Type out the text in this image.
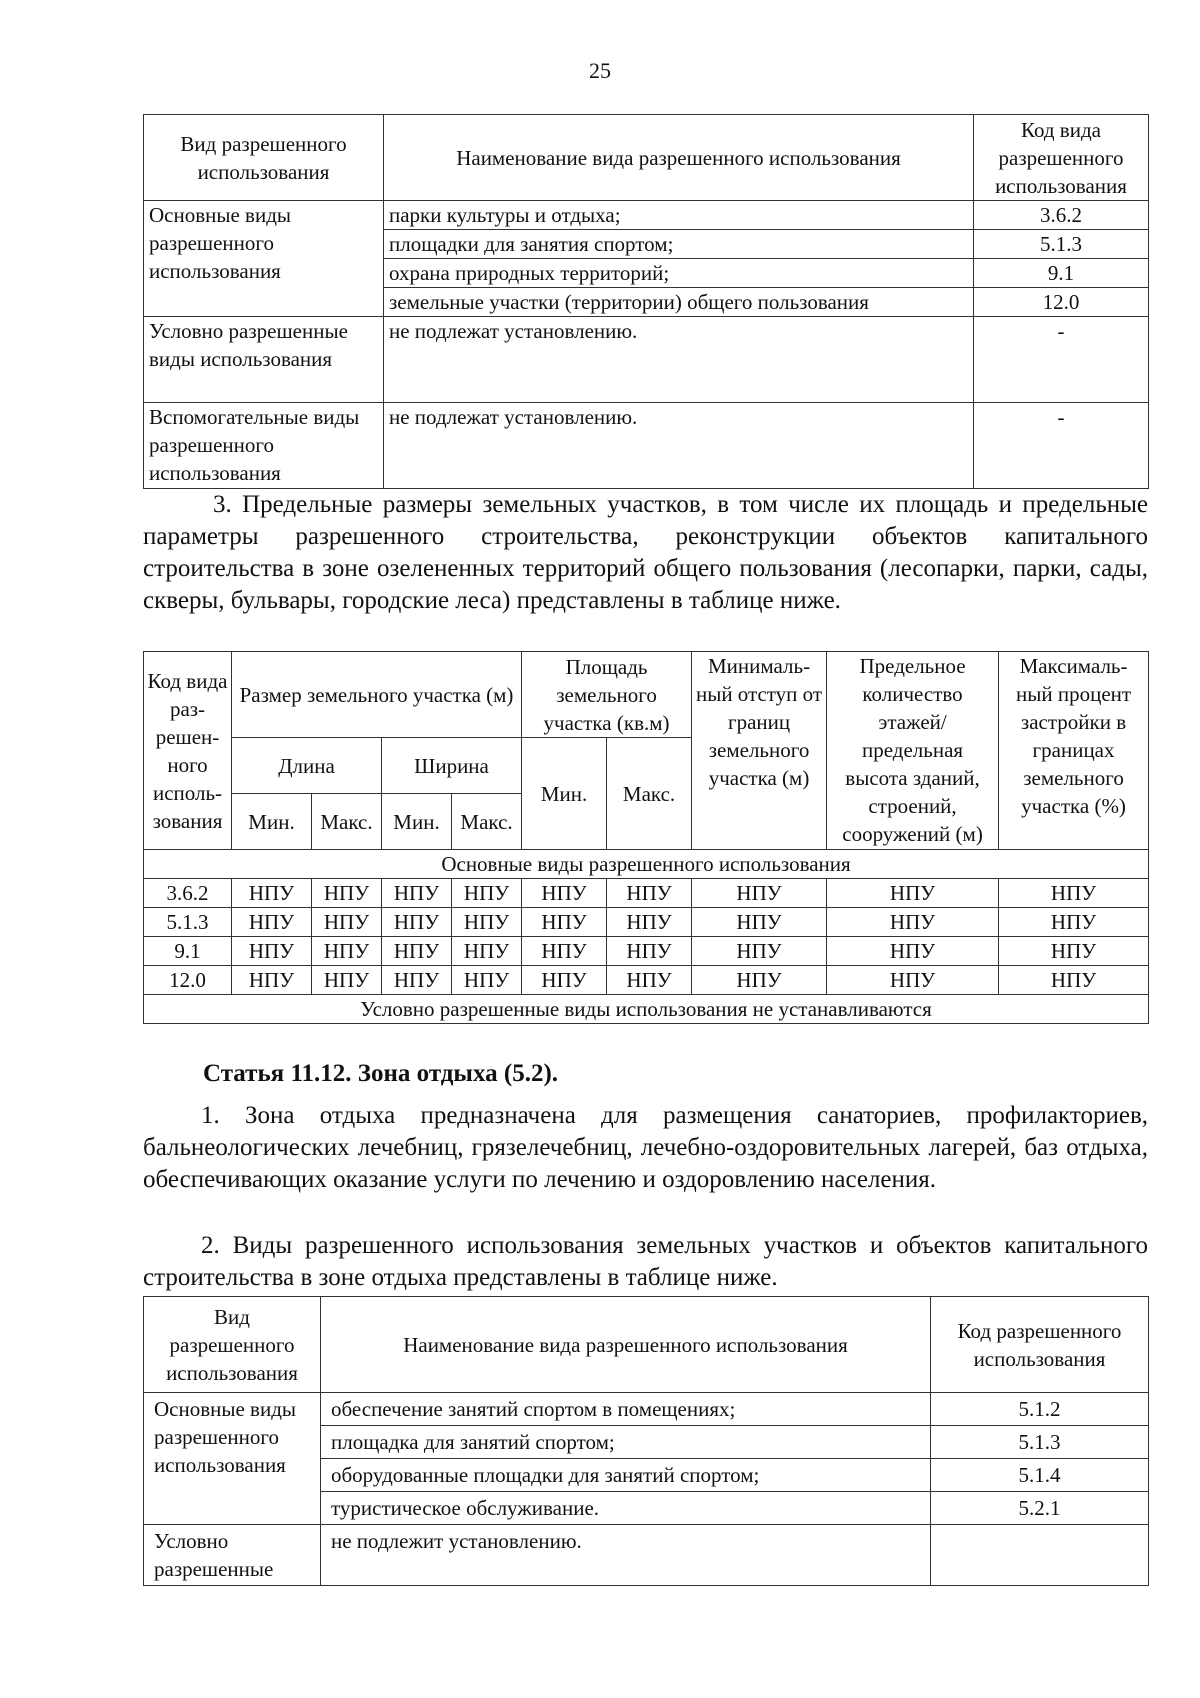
25
Вид разрешенного использования	Наименование вида разрешенного использования	Код вида разрешенного использования
Основные виды разрешенного использования	парки культуры и отдыха;	3.6.2
	площадки для занятия спортом;	5.1.3
	охрана природных территорий;	9.1
	земельные участки (территории) общего пользования	12.0
Условно разрешенные виды использования	не подлежат установлению.	-
Вспомогательные виды разрешенного использования	не подлежат установлению.	-
3. Предельные размеры земельных участков, в том числе их площадь и предельные параметры разрешенного строительства, реконструкции объектов капитального строительства в зоне озелененных территорий общего пользования (лесопарки, парки, сады, скверы, бульвары, городские леса) представлены в таблице ниже.
Код вида раз- решен- ного исполь- зования	Размер земельного участка (м)				Площадь земельного участка (кв.м)		Минималь- ный отступ от границ земельного участка (м)	Предельное количество этажей/ предельная высота зданий, строений, сооружений (м)	Максималь- ный процент застройки в границах земельного участка (%)
	Длина		Ширина		Мин.	Макс.			
	Мин.	Макс.	Мин.	Макс.					
Основные виды разрешенного использования									
3.6.2	НПУ	НПУ	НПУ	НПУ	НПУ	НПУ	НПУ	НПУ	НПУ
5.1.3	НПУ	НПУ	НПУ	НПУ	НПУ	НПУ	НПУ	НПУ	НПУ
9.1	НПУ	НПУ	НПУ	НПУ	НПУ	НПУ	НПУ	НПУ	НПУ
12.0	НПУ	НПУ	НПУ	НПУ	НПУ	НПУ	НПУ	НПУ	НПУ
Условно разрешенные виды использования не устанавливаются									
Статья 11.12. Зона отдыха (5.2).
1. Зона отдыха предназначена для размещения санаториев, профилакториев, бальнеологических лечебниц, грязелечебниц, лечебно-оздоровительных лагерей, баз отдыха, обеспечивающих оказание услуги по лечению и оздоровлению населения.
2. Виды разрешенного использования земельных участков и объектов капитального строительства в зоне отдыха представлены в таблице ниже.
Вид разрешенного использования	Наименование вида разрешенного использования	Код разрешенного использования
Основные виды разрешенного использования	обеспечение занятий спортом в помещениях;	5.1.2
	площадка для занятий спортом;	5.1.3
	оборудованные площадки для занятий спортом;	5.1.4
	туристическое обслуживание.	5.2.1
Условно разрешенные	не подлежит установлению.	
